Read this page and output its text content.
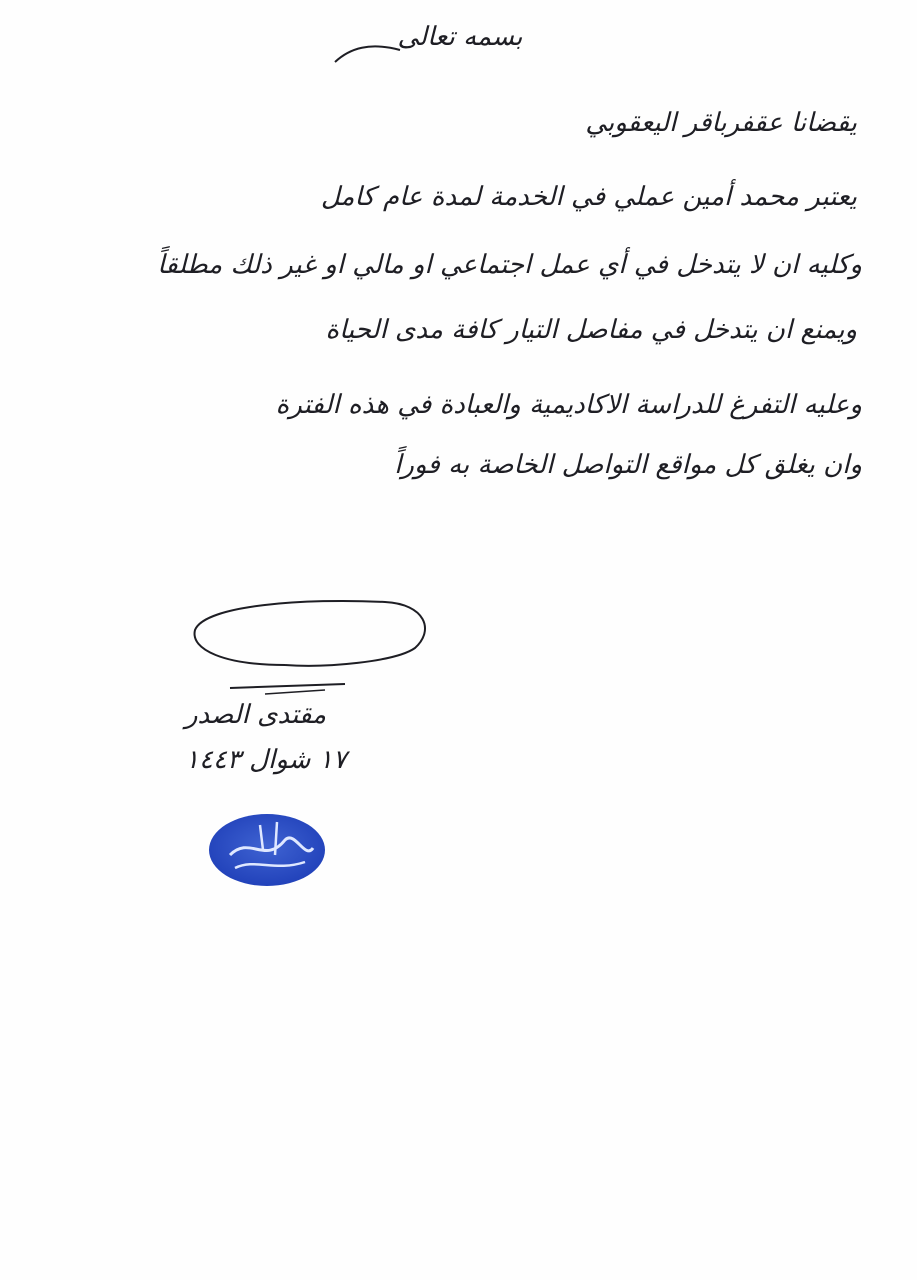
بسمه تعالى
يقضانا عقفرباقر اليعقوبي
يعتبر محمد أمين عملي في الخدمة لمدة عام كامل
وكليه ان لا يتدخل في أي عمل اجتماعي او مالي او غير ذلك مطلقاً
ويمنع ان يتدخل في مفاصل التيار كافة مدى الحياة
وعليه التفرغ للدراسة الاكاديمية والعبادة في هذه الفترة
وان يغلق كل مواقع التواصل الخاصة به فوراً
مقتدى الصدر
١٧ شوال ١٤٤٣
